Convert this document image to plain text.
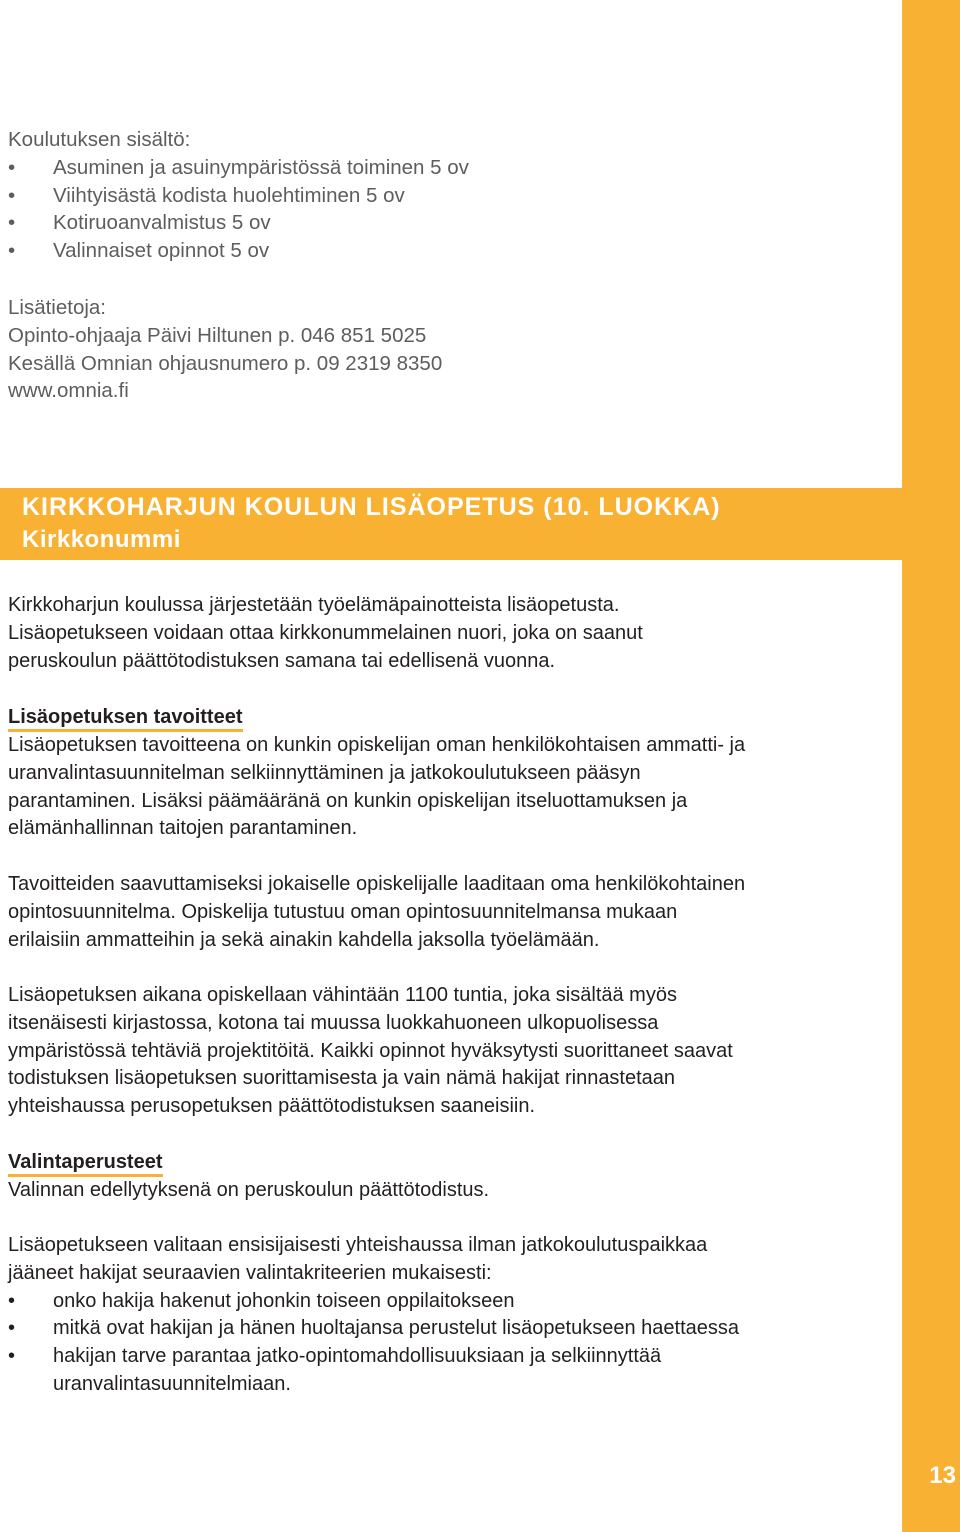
13

Koulutuksen sisältö:

• Asuminen ja asuinympäristössä toiminen 5 ov
• Viihtyisästä kodista huolehtiminen 5 ov
• Kotiruoanvalmistus 5 ov
• Valinnaiset opinnot 5 ov

Lisätietoja:

Opinto-ohjaaja Päivi Hiltunen p. 046 851 5025

Kesällä Omnian ohjausnumero p. 09 2319 8350

www.omnia.fi

KIRKKOHARJUN KOULUN LISÄOPETUS (10. LUOKKA)
Kirkkonummi

Kirkkoharjun koulussa järjestetään työelämäpainotteista lisäopetusta.

Lisäopetukseen voidaan ottaa kirkkonummelainen nuori, joka on saanut

peruskoulun päättötodistuksen samana tai edellisenä vuonna.

Lisäopetuksen tavoitteet

Lisäopetuksen tavoitteena on kunkin opiskelijan oman henkilökohtaisen ammatti- ja

uranvalintasuunnitelman selkiinnyttäminen ja jatkokoulutukseen pääsyn

parantaminen. Lisäksi päämääränä on kunkin opiskelijan itseluottamuksen ja

elämänhallinnan taitojen parantaminen.

Tavoitteiden saavuttamiseksi jokaiselle opiskelijalle laaditaan oma henkilökohtainen

opintosuunnitelma. Opiskelija tutustuu oman opintosuunnitelmansa mukaan

erilaisiin ammatteihin ja sekä ainakin kahdella jaksolla työelämään.

Lisäopetuksen aikana opiskellaan vähintään 1100 tuntia, joka sisältää myös

itsenäisesti kirjastossa, kotona tai muussa luokkahuoneen ulkopuolisessa

ympäristössä tehtäviä projektitöitä. Kaikki opinnot hyväksytysti suorittaneet saavat

todistuksen lisäopetuksen suorittamisesta ja vain nämä hakijat rinnastetaan

yhteishaussa perusopetuksen päättötodistuksen saaneisiin.

Valintaperusteet

Valinnan edellytyksenä on peruskoulun päättötodistus.

Lisäopetukseen valitaan ensisijaisesti yhteishaussa ilman jatkokoulutuspaikkaa

jääneet hakijat seuraavien valintakriteerien mukaisesti:

• onko hakija hakenut johonkin toiseen oppilaitokseen
• mitkä ovat hakijan ja hänen huoltajansa perustelut lisäopetukseen haettaessa
• hakijan tarve parantaa jatko-opintomahdollisuuksiaan ja selkiinnyttää uranvalintasuunnitelmiaan.
